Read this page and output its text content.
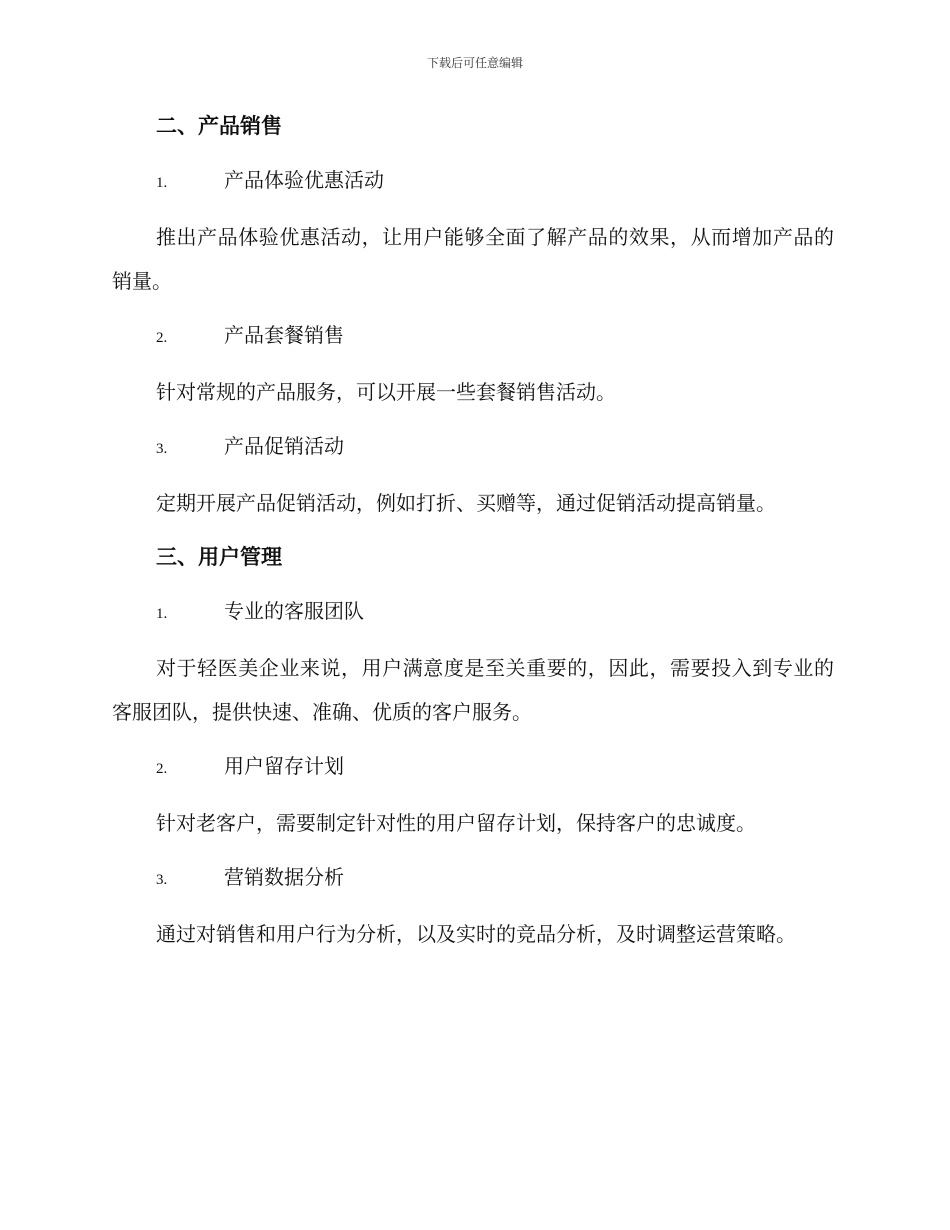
下载后可任意编辑
二、产品销售
1.	产品体验优惠活动

推出产品体验优惠活动，让用户能够全面了解产品的效果，从而增加产品的销量。

2.	产品套餐销售

针对常规的产品服务，可以开展一些套餐销售活动。

3.	产品促销活动

定期开展产品促销活动，例如打折、买赠等，通过促销活动提高销量。

三、用户管理
1.	专业的客服团队

对于轻医美企业来说，用户满意度是至关重要的，因此，需要投入到专业的客服团队，提供快速、准确、优质的客户服务。

2.	用户留存计划

针对老客户，需要制定针对性的用户留存计划，保持客户的忠诚度。

3.	营销数据分析

通过对销售和用户行为分析，以及实时的竞品分析，及时调整运营策略。
